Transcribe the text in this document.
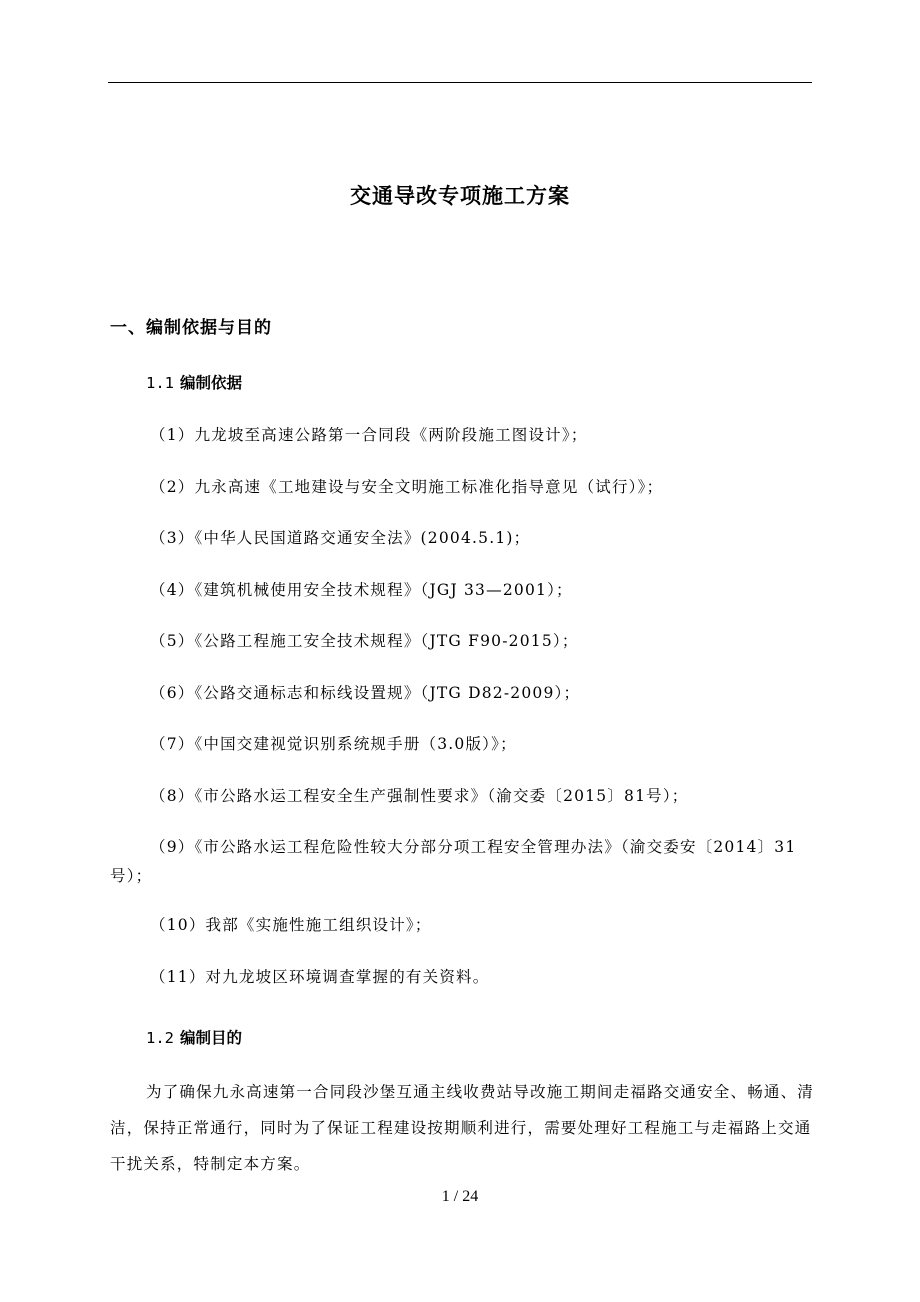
交通导改专项施工方案
一、编制依据与目的
1.1 编制依据
（1）九龙坡至高速公路第一合同段《两阶段施工图设计》；
（2）九永高速《工地建设与安全文明施工标准化指导意见（试行）》；
（3）《中华人民国道路交通安全法》(2004.5.1)；
（4）《建筑机械使用安全技术规程》（JGJ 33—2001）；
（5）《公路工程施工安全技术规程》（JTG F90-2015）；
（6）《公路交通标志和标线设置规》（JTG D82-2009）；
（7）《中国交建视觉识别系统规手册（3.0版）》；
（8）《市公路水运工程安全生产强制性要求》（渝交委〔2015〕81号）；
（9）《市公路水运工程危险性较大分部分项工程安全管理办法》（渝交委安〔2014〕31号）；
（10）我部《实施性施工组织设计》；
（11）对九龙坡区环境调查掌握的有关资料。
1.2 编制目的

为了确保九永高速第一合同段沙堡互通主线收费站导改施工期间走福路交通安全、畅通、清洁，保持正常通行，同时为了保证工程建设按期顺利进行，需要处理好工程施工与走福路上交通干扰关系，特制定本方案。

1 / 24
